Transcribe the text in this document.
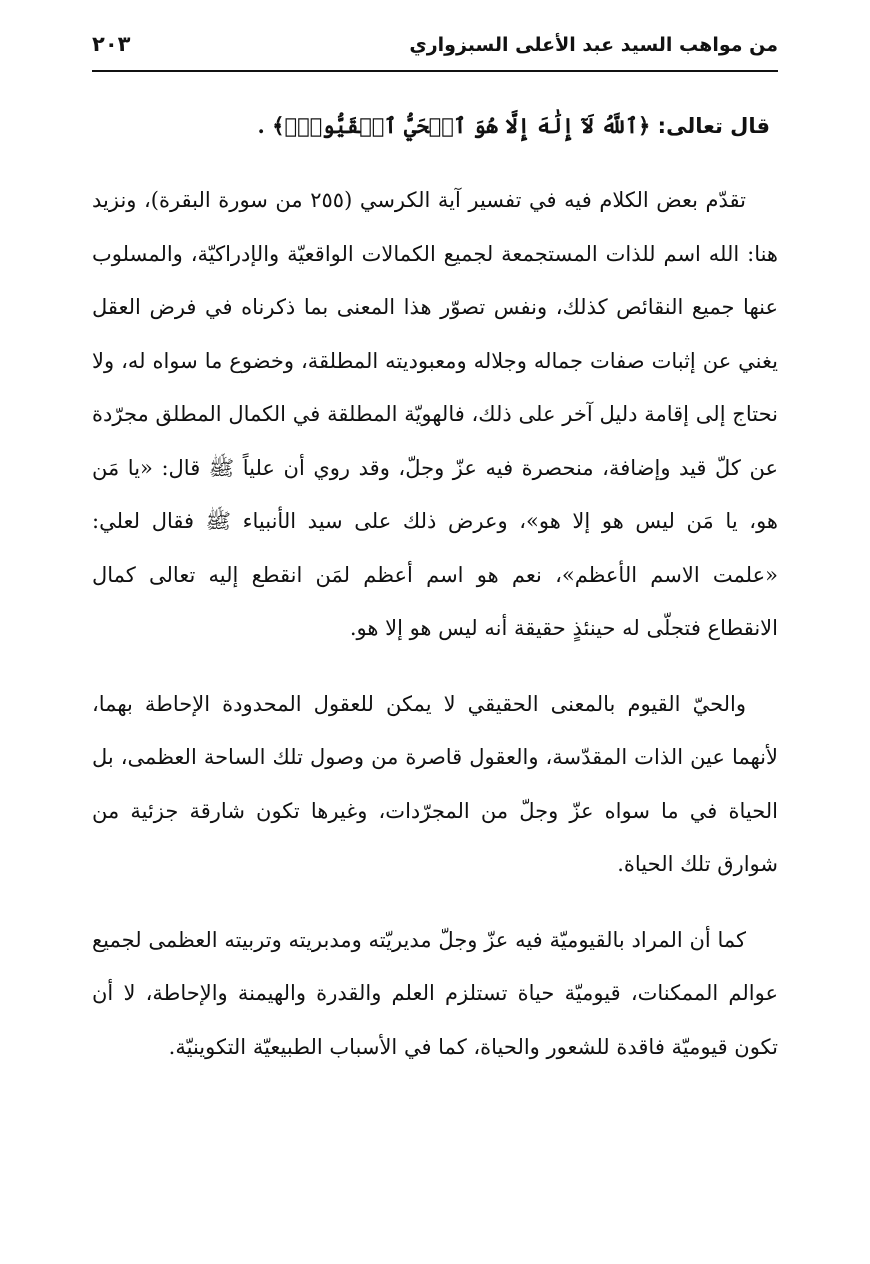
من مواهب السيد عبد الأعلى السبزواري
٢٠٣
قال تعالى: ﴿ٱللَّهُ لَآ إِلَٰهَ إِلَّا هُوَ ٱلۡحَيُّ ٱلۡقَيُّومُۚ﴾ .

تقدّم بعض الكلام فيه في تفسير آية الكرسي (٢٥٥ من سورة البقرة)، ونزيد هنا: الله اسم للذات المستجمعة لجميع الكمالات الواقعيّة والإدراكيّة، والمسلوب عنها جميع النقائص كذلك، ونفس تصوّر هذا المعنى بما ذكرناه في فرض العقل يغني عن إثبات صفات جماله وجلاله ومعبوديته المطلقة، وخضوع ما سواه له، ولا نحتاج إلى إقامة دليل آخر على ذلك، فالهويّة المطلقة في الكمال المطلق مجرّدة عن كلّ قيد وإضافة، منحصرة فيه عزّ وجلّ، وقد روي أن علياً ﷺ قال: «يا مَن هو، يا مَن ليس هو إلا هو»، وعرض ذلك على سيد الأنبياء ﷺ فقال لعلي: «علمت الاسم الأعظم»، نعم هو اسم أعظم لمَن انقطع إليه تعالى كمال الانقطاع فتجلّى له حينئذٍ حقيقة أنه ليس هو إلا هو.

والحيّ القيوم بالمعنى الحقيقي لا يمكن للعقول المحدودة الإحاطة بهما، لأنهما عين الذات المقدّسة، والعقول قاصرة من وصول تلك الساحة العظمى، بل الحياة في ما سواه عزّ وجلّ من المجرّدات، وغيرها تكون شارقة جزئية من شوارق تلك الحياة.

كما أن المراد بالقيوميّة فيه عزّ وجلّ مديريّته ومدبريته وتربيته العظمى لجميع عوالم الممكنات، قيوميّة حياة تستلزم العلم والقدرة والهيمنة والإحاطة، لا أن تكون قيوميّة فاقدة للشعور والحياة، كما في الأسباب الطبيعيّة التكوينيّة.
